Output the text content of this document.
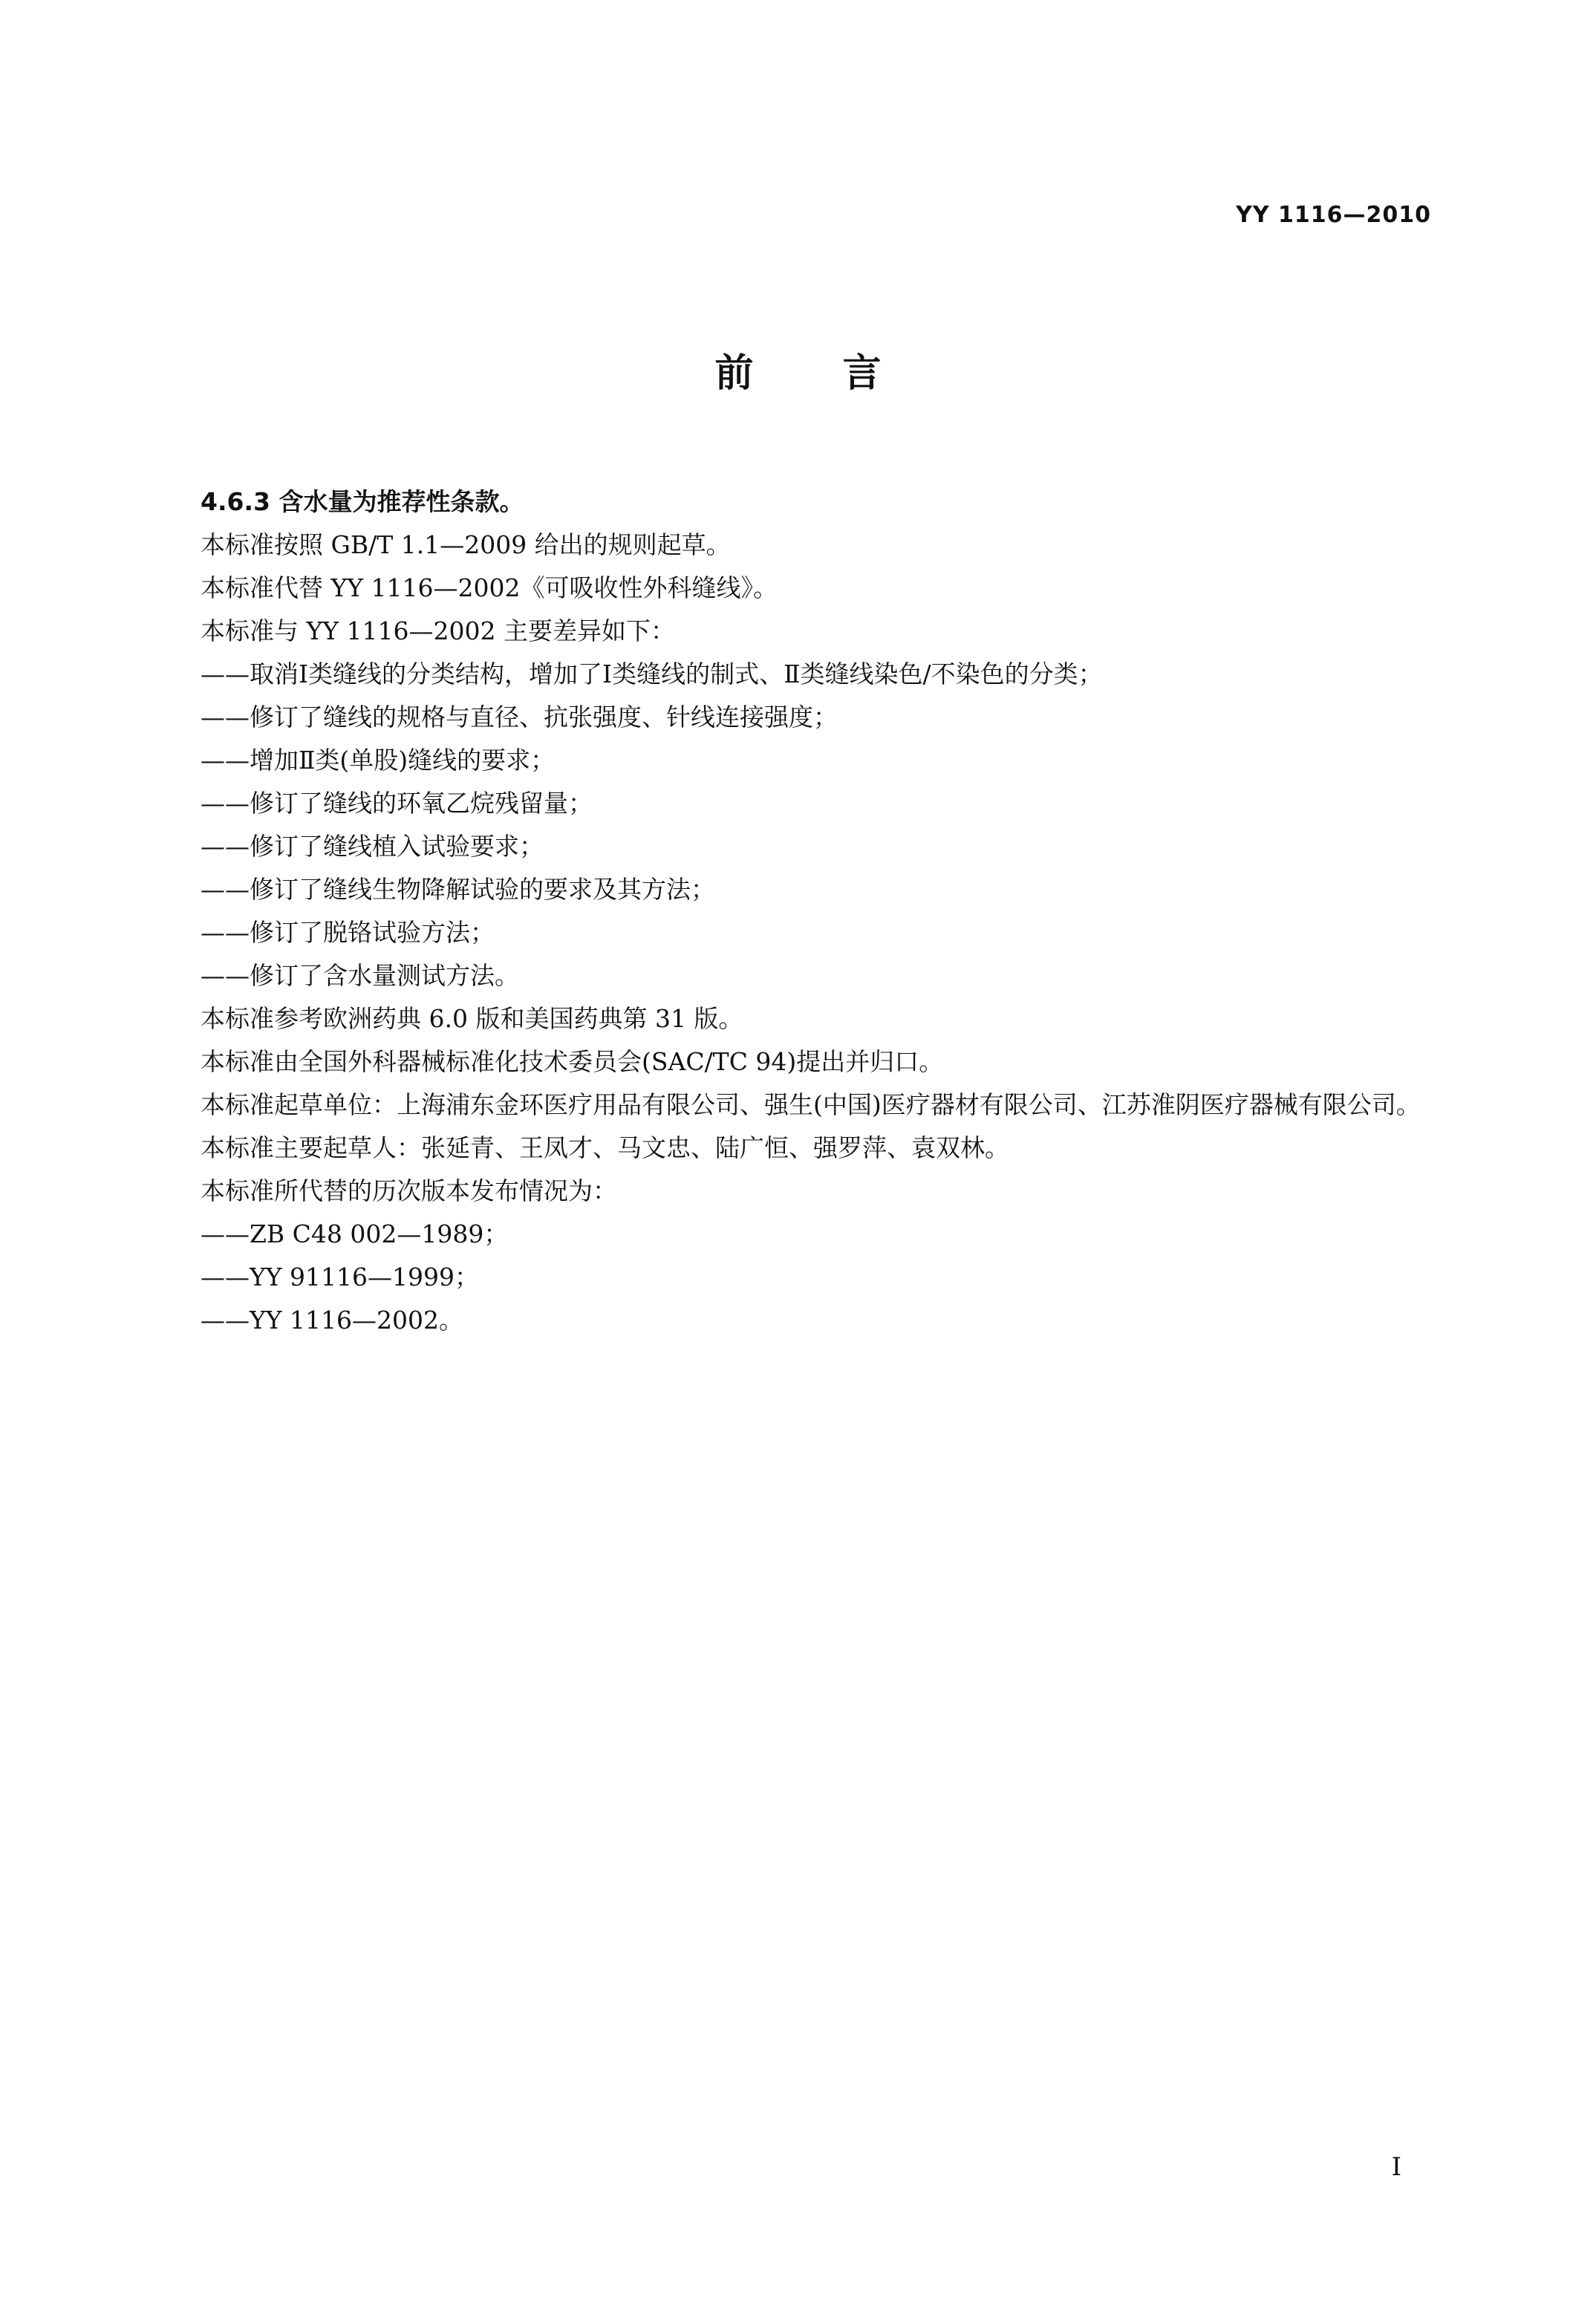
YY 1116—2010
前言
4.6.3 含水量为推荐性条款。
本标准按照 GB/T 1.1—2009 给出的规则起草。
本标准代替 YY 1116—2002《可吸收性外科缝线》。
本标准与 YY 1116—2002 主要差异如下：
——取消Ⅰ类缝线的分类结构，增加了Ⅰ类缝线的制式、Ⅱ类缝线染色/不染色的分类；
——修订了缝线的规格与直径、抗张强度、针线连接强度；
——增加Ⅱ类(单股)缝线的要求；
——修订了缝线的环氧乙烷残留量；
——修订了缝线植入试验要求；
——修订了缝线生物降解试验的要求及其方法；
——修订了脱铬试验方法；
——修订了含水量测试方法。
本标准参考欧洲药典 6.0 版和美国药典第 31 版。
本标准由全国外科器械标准化技术委员会(SAC/TC 94)提出并归口。
本标准起草单位：上海浦东金环医疗用品有限公司、强生(中国)医疗器材有限公司、江苏淮阴医疗器械有限公司。
本标准主要起草人：张延青、王凤才、马文忠、陆广恒、强罗萍、袁双林。
本标准所代替的历次版本发布情况为：
——ZB C48 002—1989；
——YY 91116—1999；
——YY 1116—2002。
I
